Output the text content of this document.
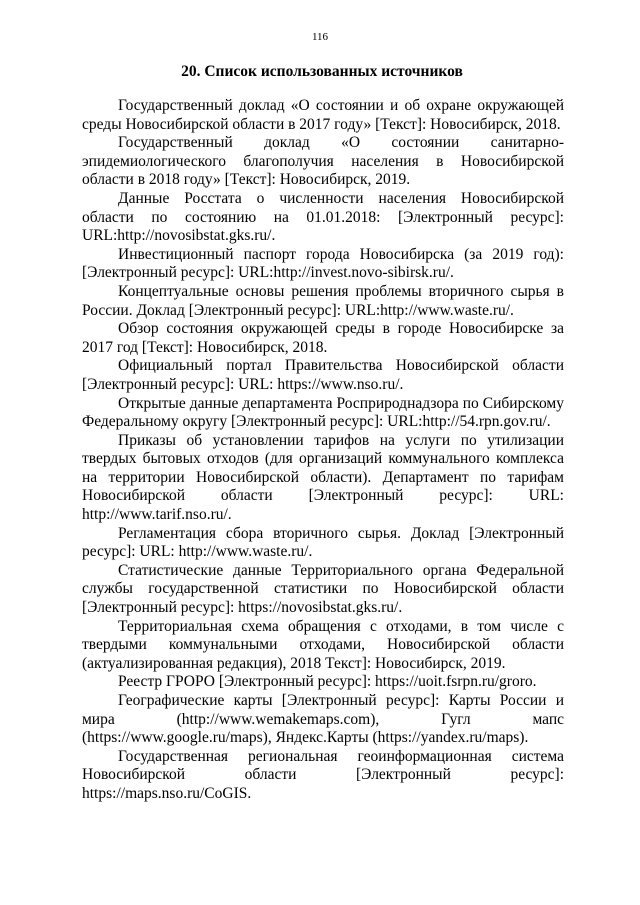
116
20. Список использованных источников
Государственный доклад «О состоянии и об охране окружающей среды Новосибирской области в 2017 году» [Текст]: Новосибирск, 2018.
Государственный доклад «О состоянии санитарно-эпидемиологического благополучия населения в Новосибирской области в 2018 году» [Текст]: Новосибирск, 2019.
Данные Росстата о численности населения Новосибирской области по состоянию на 01.01.2018: [Электронный ресурс]: URL:http://novosibstat.gks.ru/.
Инвестиционный паспорт города Новосибирска (за 2019 год): [Электронный ресурс]: URL:http://invest.novo-sibirsk.ru/.
Концептуальные основы решения проблемы вторичного сырья в России. Доклад [Электронный ресурс]: URL:http://www.waste.ru/.
Обзор состояния окружающей среды в городе Новосибирске за 2017 год [Текст]: Новосибирск, 2018.
Официальный портал Правительства Новосибирской области [Электронный ресурс]: URL: https://www.nso.ru/.
Открытые данные департамента Росприроднадзора по Сибирскому Федеральному округу [Электронный ресурс]: URL:http://54.rpn.gov.ru/.
Приказы об установлении тарифов на услуги по утилизации твердых бытовых отходов (для организаций коммунального комплекса на территории Новосибирской области). Департамент по тарифам Новосибирской области [Электронный ресурс]: URL: http://www.tarif.nso.ru/.
Регламентация сбора вторичного сырья. Доклад [Электронный ресурс]: URL: http://www.waste.ru/.
Статистические данные Территориального органа Федеральной службы государственной статистики по Новосибирской области [Электронный ресурс]: https://novosibstat.gks.ru/.
Территориальная схема обращения с отходами, в том числе с твердыми коммунальными отходами, Новосибирской области (актуализированная редакция), 2018 Текст]: Новосибирск, 2019.
Реестр ГРОРО [Электронный ресурс]: https://uoit.fsrpn.ru/groro.
Географические карты [Электронный ресурс]: Карты России и мира (http://www.wemakemaps.com), Гугл мапс (https://www.google.ru/maps), Яндекс.Карты (https://yandex.ru/maps).
Государственная региональная геоинформационная система Новосибирской области [Электронный ресурс]: https://maps.nso.ru/CoGIS.
